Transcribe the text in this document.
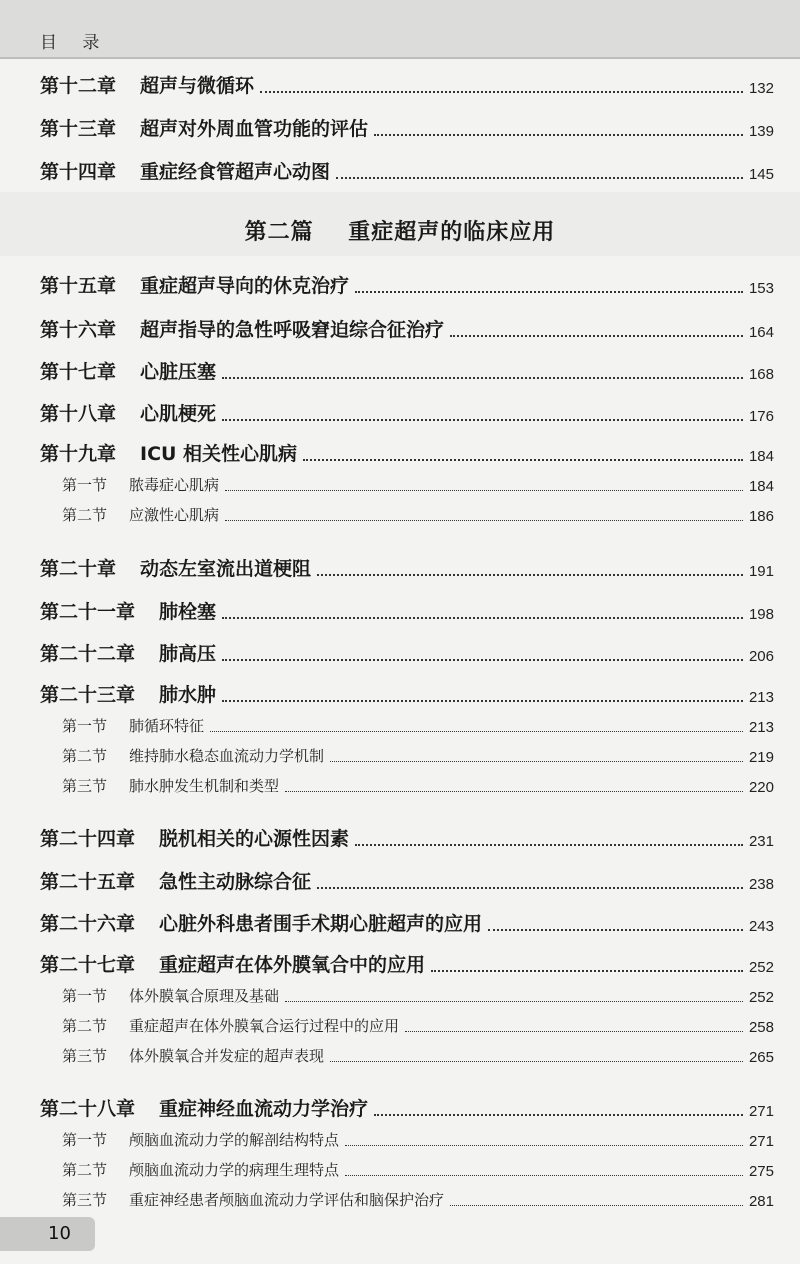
目 录
第二篇    重症超声的临床应用
第十二章 超声与微循环	132
第十三章 超声对外周血管功能的评估	139
第十四章 重症经食管超声心动图	145
第十五章 重症超声导向的休克治疗	153
第十六章 超声指导的急性呼吸窘迫综合征治疗	164
第十七章 心脏压塞	168
第十八章 心肌梗死	176
第十九章 ICU 相关性心肌病	184
第一节 脓毒症心肌病	184
第二节 应激性心肌病	186
第二十章 动态左室流出道梗阻	191
第二十一章 肺栓塞	198
第二十二章 肺高压	206
第二十三章 肺水肿	213
第一节 肺循环特征	213
第二节 维持肺水稳态血流动力学机制	219
第三节 肺水肿发生机制和类型	220
第二十四章 脱机相关的心源性因素	231
第二十五章 急性主动脉综合征	238
第二十六章 心脏外科患者围手术期心脏超声的应用	243
第二十七章 重症超声在体外膜氧合中的应用	252
第一节 体外膜氧合原理及基础	252
第二节 重症超声在体外膜氧合运行过程中的应用	258
第三节 体外膜氧合并发症的超声表现	265
第二十八章 重症神经血流动力学治疗	271
第一节 颅脑血流动力学的解剖结构特点	271
第二节 颅脑血流动力学的病理生理特点	275
第三节 重症神经患者颅脑血流动力学评估和脑保护治疗	281
10
